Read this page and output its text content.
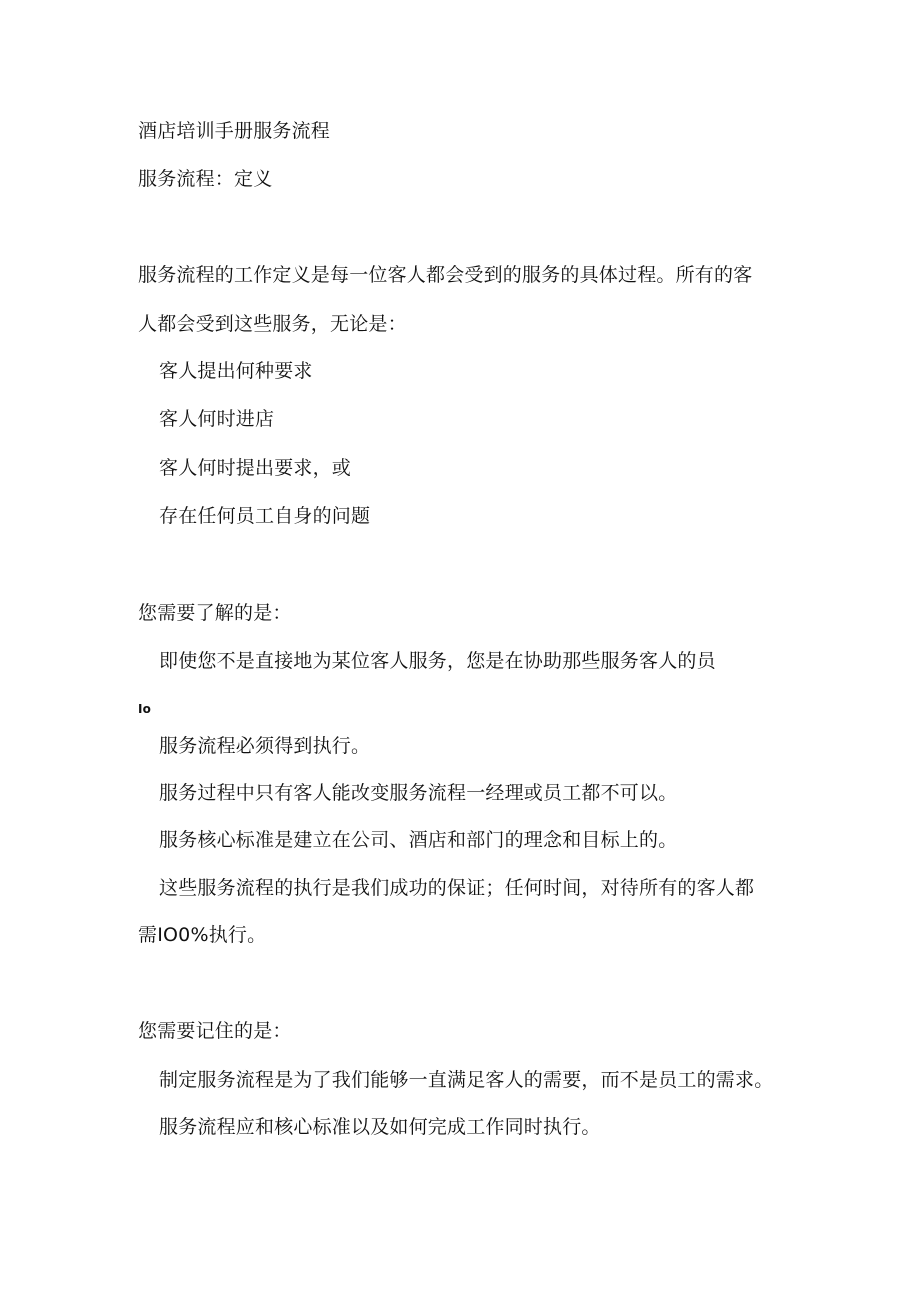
酒店培训手册服务流程
服务流程：定义
服务流程的工作定义是每一位客人都会受到的服务的具体过程。所有的客
人都会受到这些服务，无论是：
客人提出何种要求
客人何时进店
客人何时提出要求，或
存在任何员工自身的问题
您需要了解的是：
即使您不是直接地为某位客人服务，您是在协助那些服务客人的员
Io
服务流程必须得到执行。
服务过程中只有客人能改变服务流程一经理或员工都不可以。
服务核心标准是建立在公司、酒店和部门的理念和目标上的。
这些服务流程的执行是我们成功的保证；任何时间，对待所有的客人都
需IO0%执行。
您需要记住的是：
制定服务流程是为了我们能够一直满足客人的需要，而不是员工的需求。
服务流程应和核心标准以及如何完成工作同时执行。
